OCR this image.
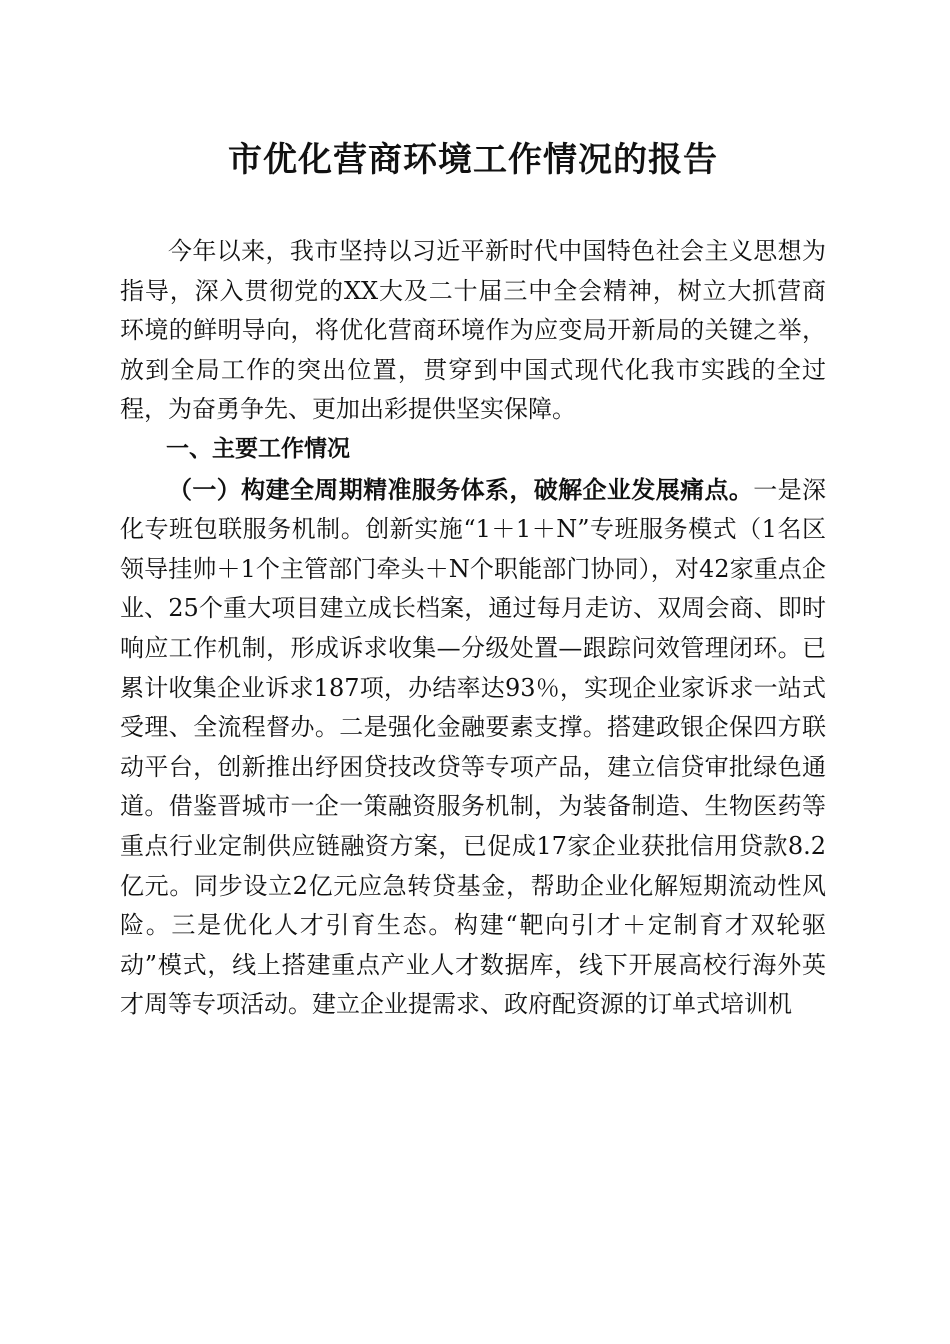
市优化营商环境工作情况的报告

今年以来，我市坚持以习近平新时代中国特色社会主义思想为指导，深入贯彻党的XX大及二十届三中全会精神，树立大抓营商环境的鲜明导向，将优化营商环境作为应变局开新局的关键之举，放到全局工作的突出位置，贯穿到中国式现代化我市实践的全过程，为奋勇争先、更加出彩提供坚实保障。

一、主要工作情况

（一）构建全周期精准服务体系，破解企业发展痛点。一是深化专班包联服务机制。创新实施“1＋1＋N”专班服务模式（1名区领导挂帅＋1个主管部门牵头＋N个职能部门协同），对42家重点企业、25个重大项目建立成长档案，通过每月走访、双周会商、即时响应工作机制，形成诉求收集—分级处置—跟踪问效管理闭环。已累计收集企业诉求187项，办结率达93％，实现企业家诉求一站式受理、全流程督办。二是强化金融要素支撑。搭建政银企保四方联动平台，创新推出纾困贷技改贷等专项产品，建立信贷审批绿色通道。借鉴晋城市一企一策融资服务机制，为装备制造、生物医药等重点行业定制供应链融资方案，已促成17家企业获批信用贷款8.2亿元。同步设立2亿元应急转贷基金，帮助企业化解短期流动性风险。三是优化人才引育生态。构建“靶向引才＋定制育才双轮驱动”模式，线上搭建重点产业人才数据库，线下开展高校行海外英才周等专项活动。建立企业提需求、政府配资源的订单式培训机
